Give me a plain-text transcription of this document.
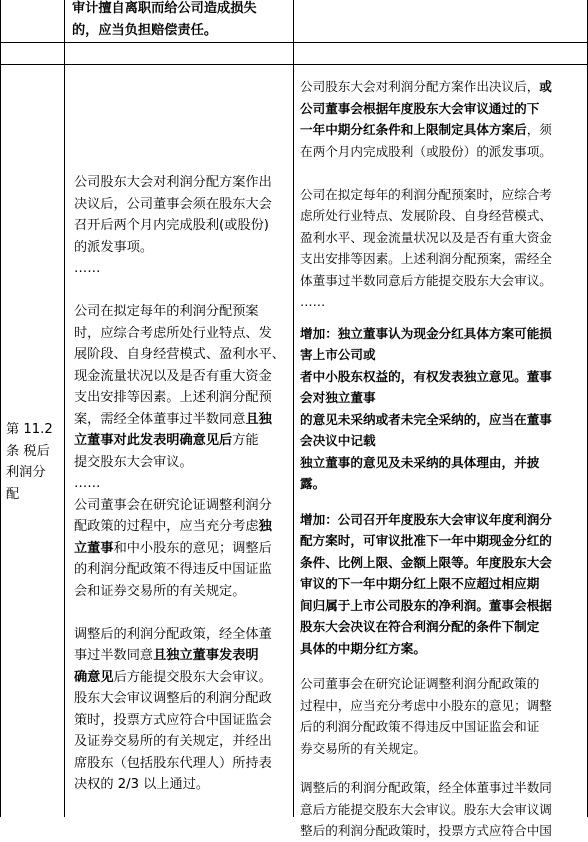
审计擅自离职而给公司造成损失

的，应当负担赔偿责任。

第 11.2

条 税后

利润分

配

公司股东大会对利润分配方案作出

决议后，公司董事会须在股东大会

召开后两个月内完成股利(或股份)

的派发事项。

……

公司在拟定每年的利润分配预案

时，应综合考虑所处行业特点、发

展阶段、自身经营模式、盈利水平、

现金流量状况以及是否有重大资金

支出安排等因素。上述利润分配预

案，需经全体董事过半数同意且独

立董事对此发表明确意见后方能

提交股东大会审议。

……

公司董事会在研究论证调整利润分

配政策的过程中，应当充分考虑独

立董事和中小股东的意见；调整后

的利润分配政策不得违反中国证监

会和证券交易所的有关规定。

调整后的利润分配政策，经全体董

事过半数同意且独立董事发表明

确意见后方能提交股东大会审议。

股东大会审议调整后的利润分配政

策时，投票方式应符合中国证监会

及证券交易所的有关规定，并经出

席股东（包括股东代理人）所持表

决权的 2/3 以上通过。

公司股东大会对利润分配方案作出决议后，或

公司董事会根据年度股东大会审议通过的下

一年中期分红条件和上限制定具体方案后，须

在两个月内完成股利（或股份）的派发事项。

公司在拟定每年的利润分配预案时，应综合考

虑所处行业特点、发展阶段、自身经营模式、

盈利水平、现金流量状况以及是否有重大资金

支出安排等因素。上述利润分配预案，需经全

体董事过半数同意后方能提交股东大会审议。

……

增加：独立董事认为现金分红具体方案可能损

害上市公司或

者中小股东权益的，有权发表独立意见。董事

会对独立董事

的意见未采纳或者未完全采纳的，应当在董事

会决议中记载

独立董事的意见及未采纳的具体理由，并披

露。

增加：公司召开年度股东大会审议年度利润分

配方案时，可审议批准下一年中期现金分红的

条件、比例上限、金额上限等。年度股东大会

审议的下一年中期分红上限不应超过相应期

间归属于上市公司股东的净利润。董事会根据

股东大会决议在符合利润分配的条件下制定

具体的中期分红方案。

公司董事会在研究论证调整利润分配政策的

过程中，应当充分考虑中小股东的意见；调整

后的利润分配政策不得违反中国证监会和证

券交易所的有关规定。

调整后的利润分配政策，经全体董事过半数同

意后方能提交股东大会审议。股东大会审议调

整后的利润分配政策时，投票方式应符合中国
